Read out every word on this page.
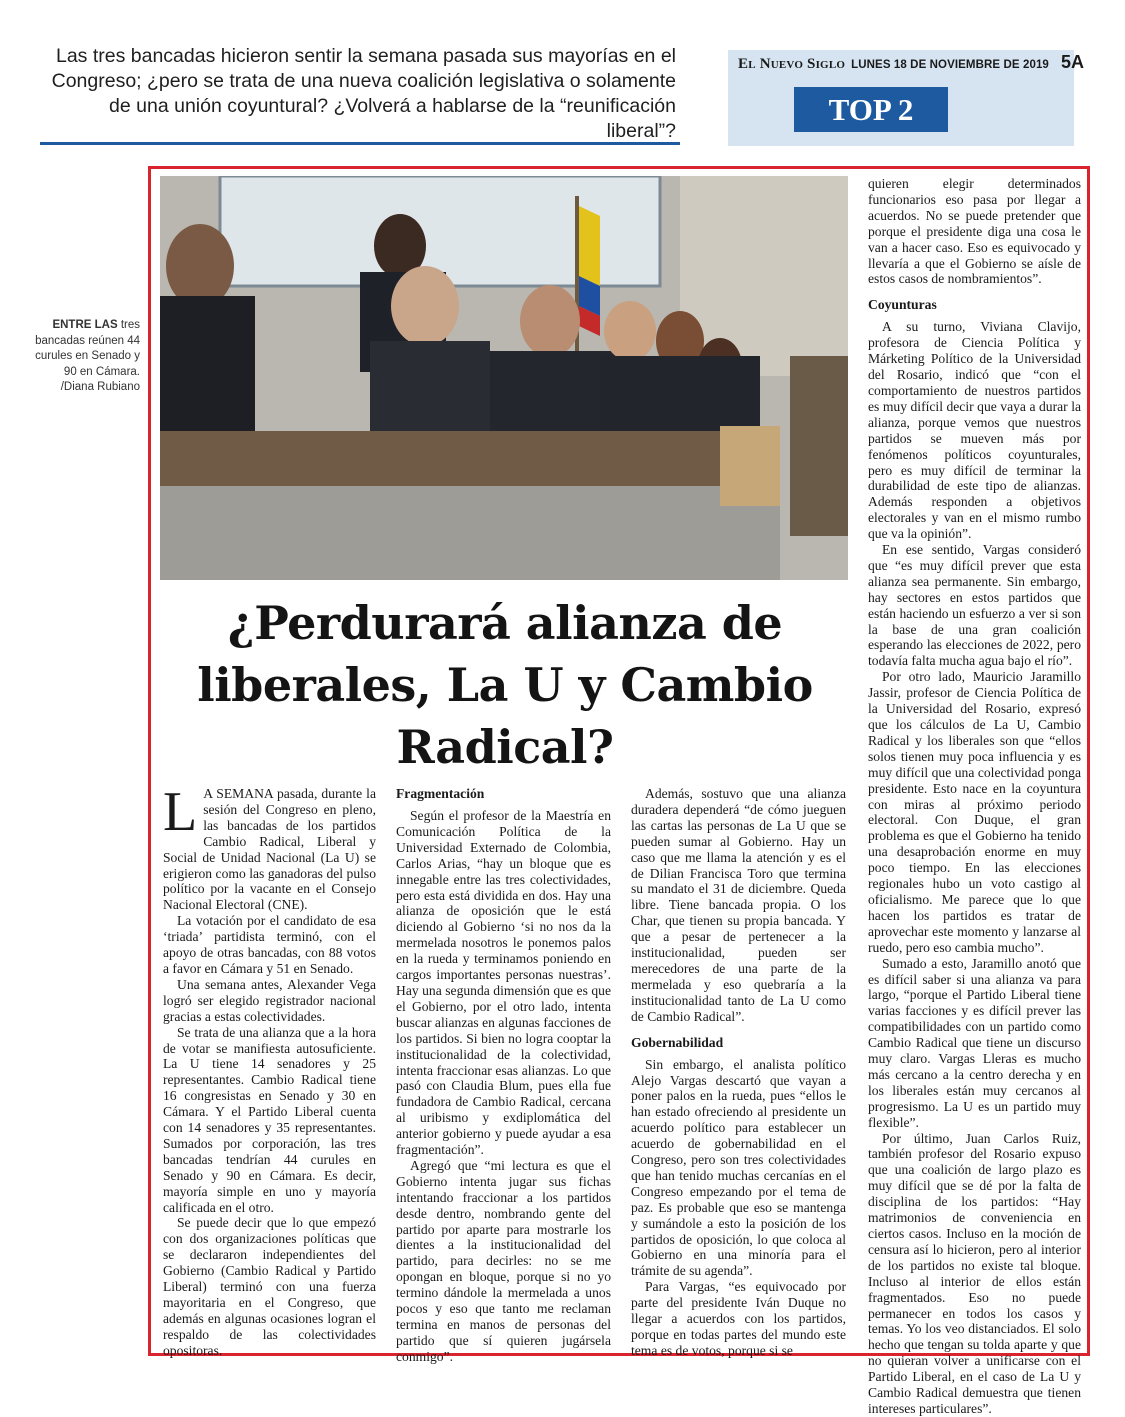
Las tres bancadas hicieron sentir la semana pasada sus mayorías en el Congreso; ¿pero se trata de una nueva coalición legislativa o solamente de una unión coyuntural? ¿Volverá a hablarse de la “reunificación liberal”?
El Nuevo Siglo LUNES 18 DE NOVIEMBRE DE 2019 5A
TOP 2
ENTRE LAS tres bancadas reúnen 44 curules en Senado y 90 en Cámara. /Diana Rubiano
¿Perdurará alianza de liberales, La U y Cambio Radical?

L A SEMANA pasada, durante la sesión del Congreso en pleno, las bancadas de los partidos Cambio Radical, Liberal y Social de Unidad Nacional (La U) se erigieron como las ganadoras del pulso político por la vacante en el Consejo Nacional Electoral (CNE).

La votación por el candidato de esa ‘triada’ partidista terminó, con el apoyo de otras bancadas, con 88 votos a favor en Cámara y 51 en Senado.

Una semana antes, Alexander Vega logró ser elegido registrador nacional gracias a estas colectividades.

Se trata de una alianza que a la hora de votar se manifiesta autosuficiente. La U tiene 14 senadores y 25 representantes. Cambio Radical tiene 16 congresistas en Senado y 30 en Cámara. Y el Partido Liberal cuenta con 14 senadores y 35 representantes. Sumados por corporación, las tres bancadas tendrían 44 curules en Senado y 90 en Cámara. Es decir, mayoría simple en uno y mayoría calificada en el otro.

Se puede decir que lo que empezó con dos organizaciones políticas que se declararon independientes del Gobierno (Cambio Radical y Partido Liberal) terminó con una fuerza mayoritaria en el Congreso, que además en algunas ocasiones logran el respaldo de las colectividades opositoras.

Fragmentación

Según el profesor de la Maestría en Comunicación Política de la Universidad Externado de Colombia, Carlos Arias, “hay un bloque que es innegable entre las tres colectividades, pero esta está dividida en dos. Hay una alianza de oposición que le está diciendo al Gobierno ‘si no nos da la mermelada nosotros le ponemos palos en la rueda y terminamos poniendo en cargos importantes personas nuestras’. Hay una segunda dimensión que es que el Gobierno, por el otro lado, intenta buscar alianzas en algunas facciones de los partidos. Si bien no logra cooptar la institucionalidad de la colectividad, intenta fraccionar esas alianzas. Lo que pasó con Claudia Blum, pues ella fue fundadora de Cambio Radical, cercana al uribismo y exdiplomática del anterior gobierno y puede ayudar a esa fragmentación”.

Agregó que “mi lectura es que el Gobierno intenta jugar sus fichas intentando fraccionar a los partidos desde dentro, nombrando gente del partido por aparte para mostrarle los dientes a la institucionalidad del partido, para decirles: no se me opongan en bloque, porque si no yo termino dándole la mermelada a unos pocos y eso que tanto me reclaman termina en manos de personas del partido que sí quieren jugársela conmigo”.

Además, sostuvo que una alianza duradera dependerá “de cómo jueguen las cartas las personas de La U que se pueden sumar al Gobierno. Hay un caso que me llama la atención y es el de Dilian Francisca Toro que termina su mandato el 31 de diciembre. Queda libre. Tiene bancada propia. O los Char, que tienen su propia bancada. Y que a pesar de pertenecer a la institucionalidad, pueden ser merecedores de una parte de la mermelada y eso quebraría a la institucionalidad tanto de La U como de Cambio Radical”.

Gobernabilidad

Sin embargo, el analista político Alejo Vargas descartó que vayan a poner palos en la rueda, pues “ellos le han estado ofreciendo al presidente un acuerdo político para establecer un acuerdo de gobernabilidad en el Congreso, pero son tres colectividades que han tenido muchas cercanías en el Congreso empezando por el tema de paz. Es probable que eso se mantenga y sumándole a esto la posición de los partidos de oposición, lo que coloca al Gobierno en una minoría para el trámite de su agenda”.

Para Vargas, “es equivocado por parte del presidente Iván Duque no llegar a acuerdos con los partidos, porque en todas partes del mundo este tema es de votos, porque si se

quieren elegir determinados funcionarios eso pasa por llegar a acuerdos. No se puede pretender que porque el presidente diga una cosa le van a hacer caso. Eso es equivocado y llevaría a que el Gobierno se aísle de estos casos de nombramientos”.

Coyunturas

A su turno, Viviana Clavijo, profesora de Ciencia Política y Márketing Político de la Universidad del Rosario, indicó que “con el comportamiento de nuestros partidos es muy difícil decir que vaya a durar la alianza, porque vemos que nuestros partidos se mueven más por fenómenos políticos coyunturales, pero es muy difícil de terminar la durabilidad de este tipo de alianzas. Además responden a objetivos electorales y van en el mismo rumbo que va la opinión”.

En ese sentido, Vargas consideró que “es muy difícil prever que esta alianza sea permanente. Sin embargo, hay sectores en estos partidos que están haciendo un esfuerzo a ver si son la base de una gran coalición esperando las elecciones de 2022, pero todavía falta mucha agua bajo el río”.

Por otro lado, Mauricio Jaramillo Jassir, profesor de Ciencia Política de la Universidad del Rosario, expresó que los cálculos de La U, Cambio Radical y los liberales son que “ellos solos tienen muy poca influencia y es muy difícil que una colectividad ponga presidente. Esto nace en la coyuntura con miras al próximo periodo electoral. Con Duque, el gran problema es que el Gobierno ha tenido una desaprobación enorme en muy poco tiempo. En las elecciones regionales hubo un voto castigo al oficialismo. Me parece que lo que hacen los partidos es tratar de aprovechar este momento y lanzarse al ruedo, pero eso cambia mucho”.

Sumado a esto, Jaramillo anotó que es difícil saber si una alianza va para largo, “porque el Partido Liberal tiene varias facciones y es difícil prever las compatibilidades con un partido como Cambio Radical que tiene un discurso muy claro. Vargas Lleras es mucho más cercano a la centro derecha y en los liberales están muy cercanos al progresismo. La U es un partido muy flexible”.

Por último, Juan Carlos Ruiz, también profesor del Rosario expuso que una coalición de largo plazo es muy difícil que se dé por la falta de disciplina de los partidos: “Hay matrimonios de conveniencia en ciertos casos. Incluso en la moción de censura así lo hicieron, pero al interior de los partidos no existe tal bloque. Incluso al interior de ellos están fragmentados. Eso no puede permanecer en todos los casos y temas. Yo los veo distanciados. El solo hecho que tengan su tolda aparte y que no quieran volver a unificarse con el Partido Liberal, en el caso de La U y Cambio Radical demuestra que tienen intereses particulares”.
